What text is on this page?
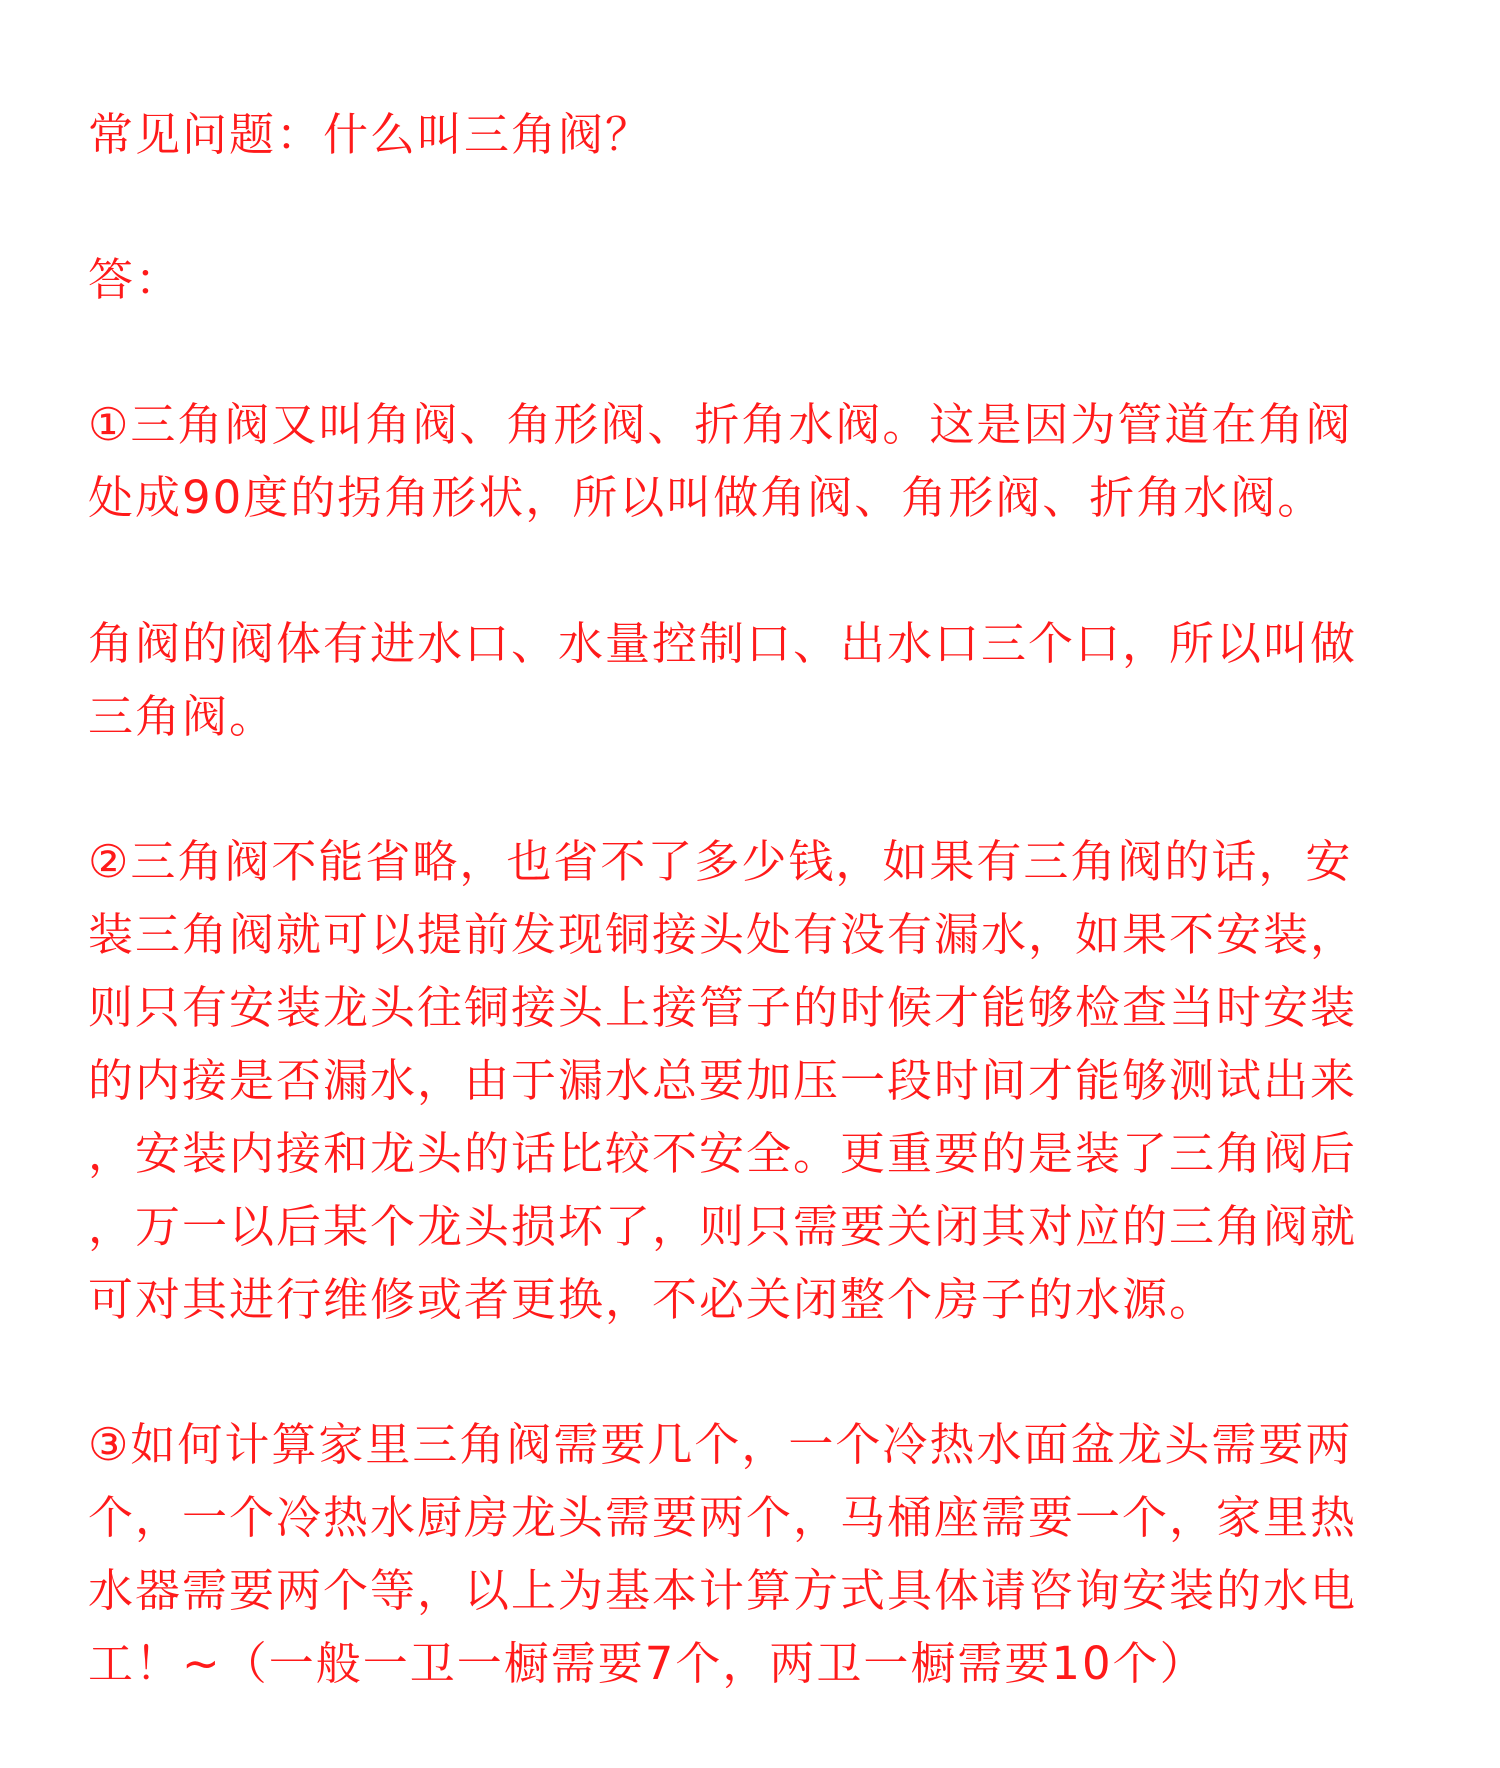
常见问题：什么叫三角阀？
答：
①三角阀又叫角阀、角形阀、折角水阀。这是因为管道在角阀
处成90度的拐角形状，所以叫做角阀、角形阀、折角水阀。
角阀的阀体有进水口、水量控制口、出水口三个口，所以叫做
三角阀。
②三角阀不能省略，也省不了多少钱，如果有三角阀的话，安
装三角阀就可以提前发现铜接头处有没有漏水，如果不安装，
则只有安装龙头往铜接头上接管子的时候才能够检查当时安装
的内接是否漏水，由于漏水总要加压一段时间才能够测试出来
，安装内接和龙头的话比较不安全。更重要的是装了三角阀后
，万一以后某个龙头损坏了，则只需要关闭其对应的三角阀就
可对其进行维修或者更换，不必关闭整个房子的水源。
③如何计算家里三角阀需要几个，一个冷热水面盆龙头需要两
个，一个冷热水厨房龙头需要两个，马桶座需要一个，家里热
水器需要两个等，以上为基本计算方式具体请咨询安装的水电
工！~（一般一卫一橱需要7个，两卫一橱需要10个）
